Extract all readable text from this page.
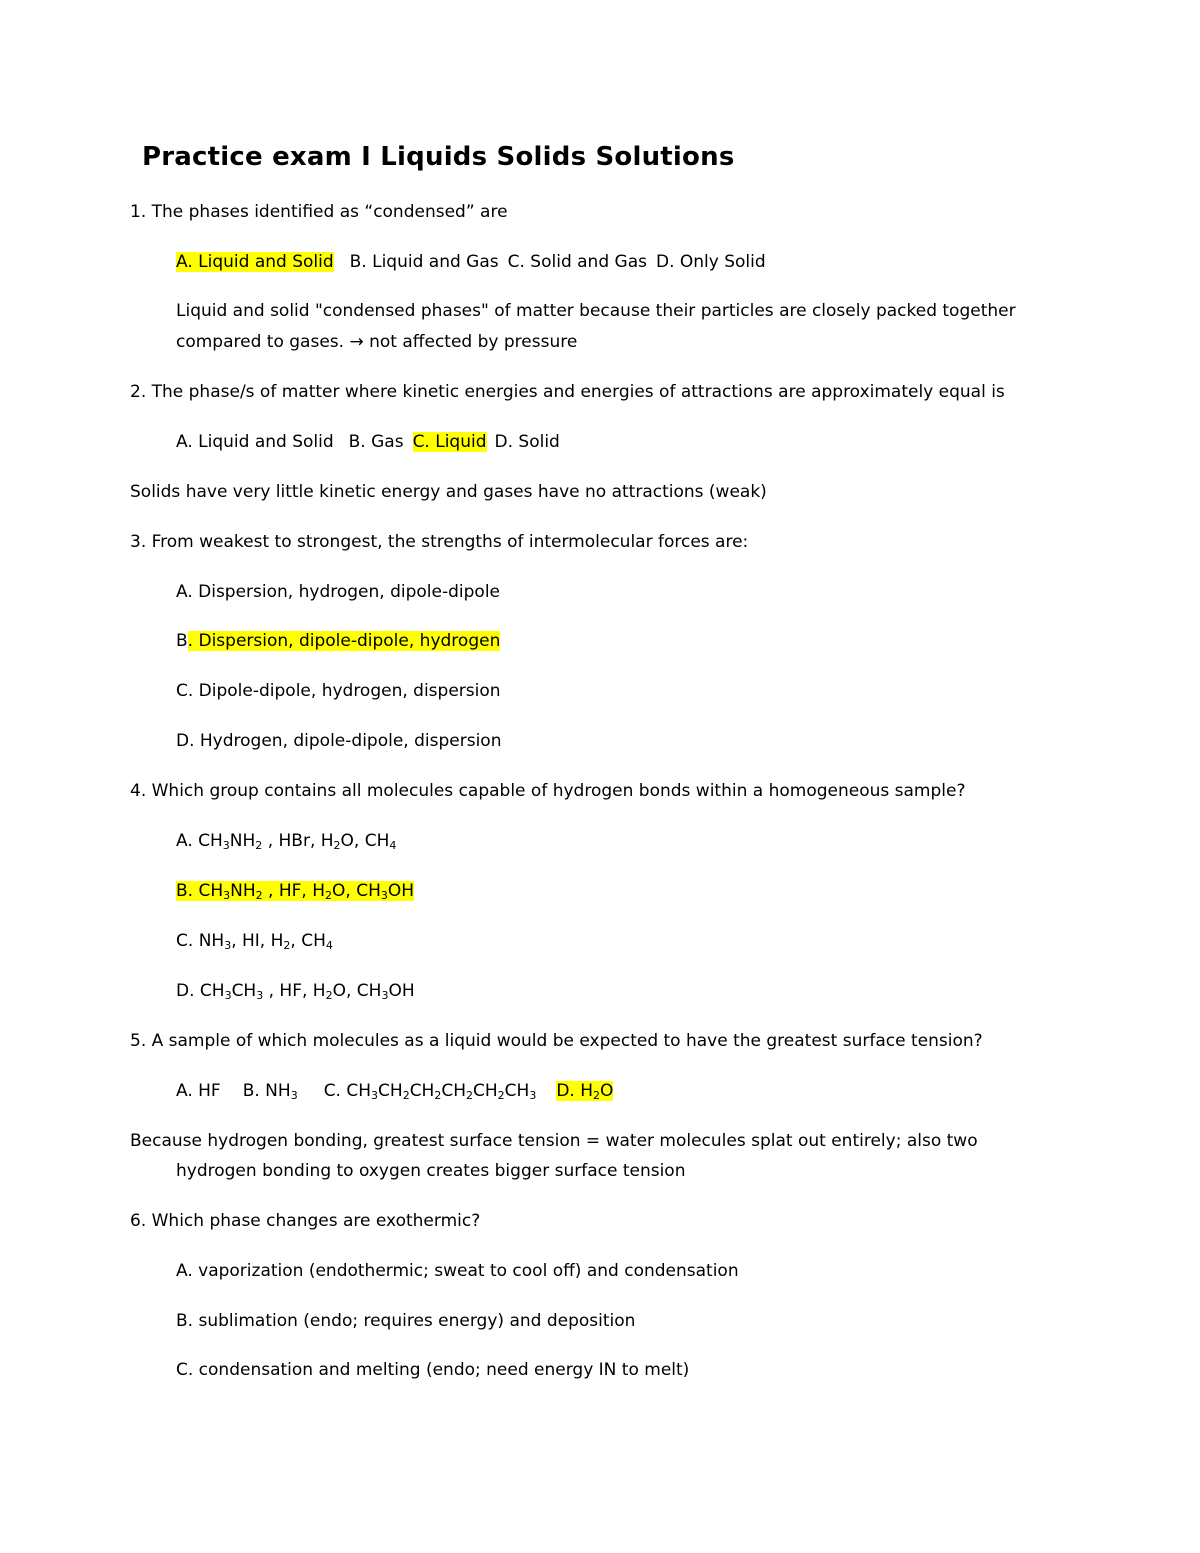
Practice exam I Liquids Solids Solutions
1. The phases identified as “condensed” are
A. Liquid and Solid B. Liquid and Gas C. Solid and Gas D. Only Solid
Liquid and solid "condensed phases" of matter because their particles are closely packed together
compared to gases. → not affected by pressure
2. The phase/s of matter where kinetic energies and energies of attractions are approximately equal is
A. Liquid and Solid B. Gas C. Liquid D. Solid
Solids have very little kinetic energy and gases have no attractions (weak)
3. From weakest to strongest, the strengths of intermolecular forces are:
A. Dispersion, hydrogen, dipole-dipole
B. Dispersion, dipole-dipole, hydrogen
C. Dipole-dipole, hydrogen, dispersion
D. Hydrogen, dipole-dipole, dispersion
4. Which group contains all molecules capable of hydrogen bonds within a homogeneous sample?
A. $CH_3NH_2$ , HBr, $H_2O$, $CH_4$
B. $CH_3NH_2$ , HF, $H_2O$, $CH_3OH$
C. $NH_3$, HI, $H_2$, $CH_4$
D. $CH_3CH_3$ , HF, $H_2O$, $CH_3OH$
5. A sample of which molecules as a liquid would be expected to have the greatest surface tension?
A. HF B. $NH_3$ C. $CH_3CH_2CH_2CH_2CH_2CH_3$ D. $H_2O$
Because hydrogen bonding, greatest surface tension = water molecules splat out entirely; also two
hydrogen bonding to oxygen creates bigger surface tension
6. Which phase changes are exothermic?
A. vaporization (endothermic; sweat to cool off) and condensation
B. sublimation (endo; requires energy) and deposition
C. condensation and melting (endo; need energy IN to melt)
